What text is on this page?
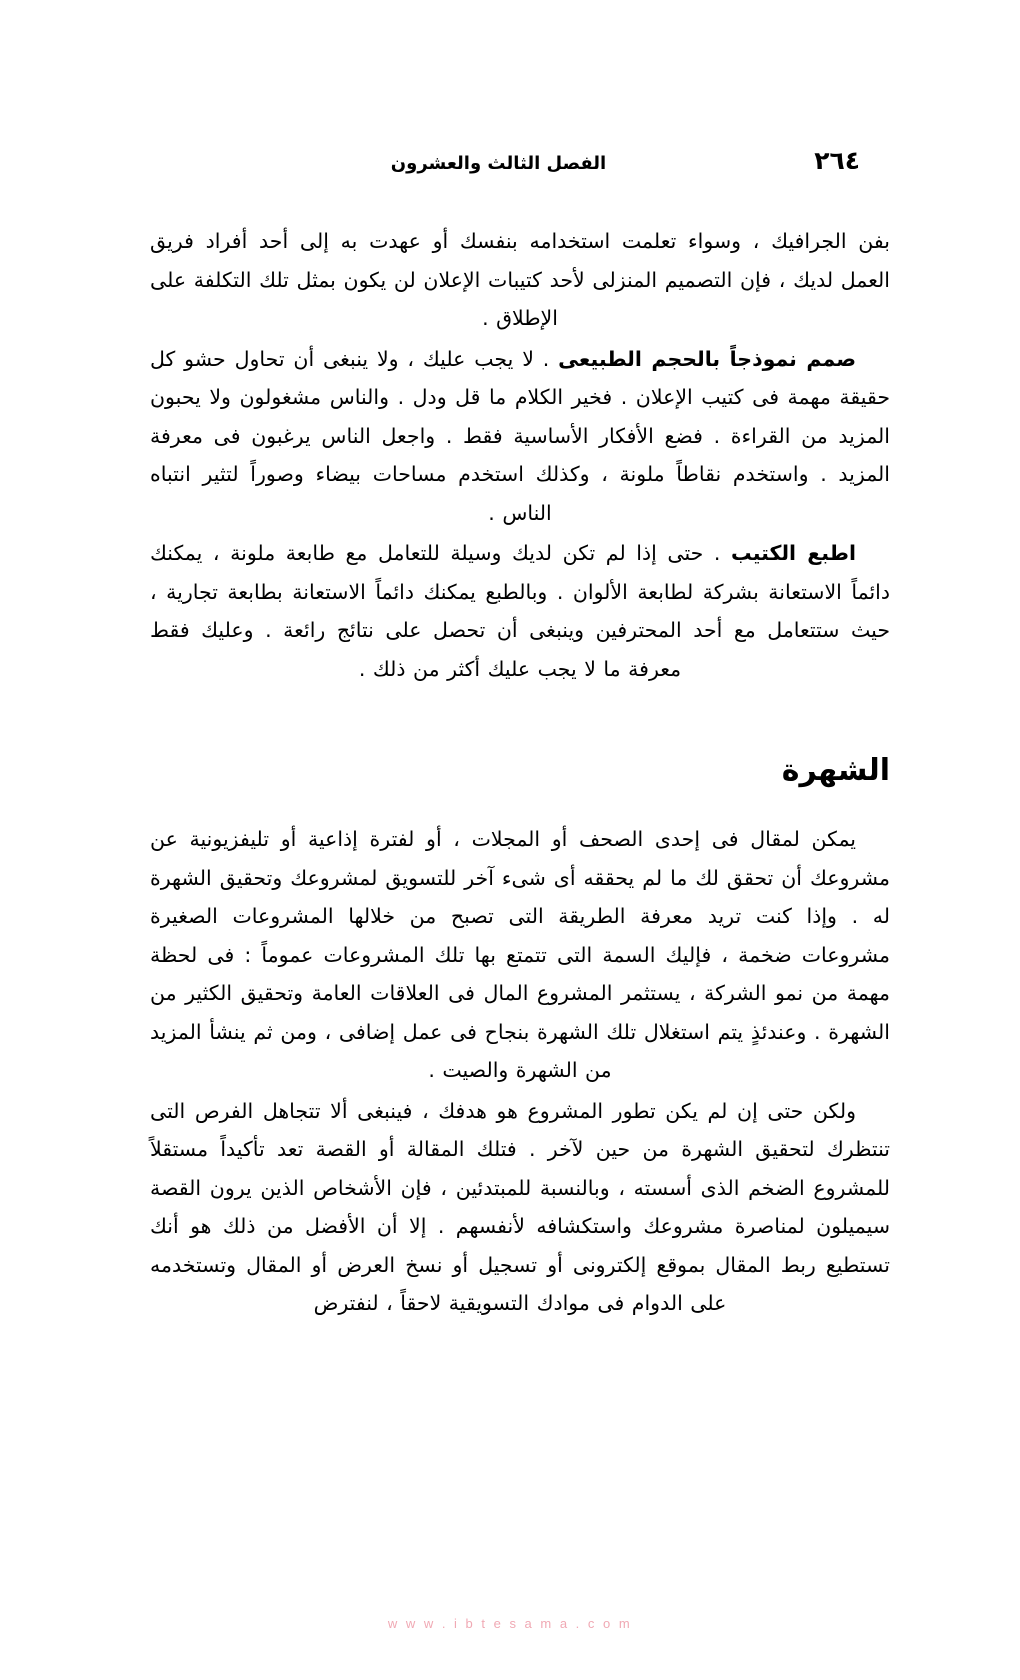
٢٦٤
الفصل الثالث والعشرون

بفن الجرافيك ، وسواء تعلمت استخدامه بنفسك أو عهدت به إلى أحد أفراد فريق العمل لديك ، فإن التصميم المنزلى لأحد كتيبات الإعلان لن يكون بمثل تلك التكلفة على الإطلاق .

صمم نموذجاً بالحجم الطبيعى . لا يجب عليك ، ولا ينبغى أن تحاول حشو كل حقيقة مهمة فى كتيب الإعلان . فخير الكلام ما قل ودل . والناس مشغولون ولا يحبون المزيد من القراءة . فضع الأفكار الأساسية فقط . واجعل الناس يرغبون فى معرفة المزيد . واستخدم نقاطاً ملونة ، وكذلك استخدم مساحات بيضاء وصوراً لتثير انتباه الناس .

اطبع الكتيب . حتى إذا لم تكن لديك وسيلة للتعامل مع طابعة ملونة ، يمكنك دائماً الاستعانة بشركة لطابعة الألوان . وبالطبع يمكنك دائماً الاستعانة بطابعة تجارية ، حيث ستتعامل مع أحد المحترفين وينبغى أن تحصل على نتائج رائعة . وعليك فقط معرفة ما لا يجب عليك أكثر من ذلك .

الشهرة

يمكن لمقال فى إحدى الصحف أو المجلات ، أو لفترة إذاعية أو تليفزيونية عن مشروعك أن تحقق لك ما لم يحققه أى شىء آخر للتسويق لمشروعك وتحقيق الشهرة له . وإذا كنت تريد معرفة الطريقة التى تصبح من خلالها المشروعات الصغيرة مشروعات ضخمة ، فإليك السمة التى تتمتع بها تلك المشروعات عموماً : فى لحظة مهمة من نمو الشركة ، يستثمر المشروع المال فى العلاقات العامة وتحقيق الكثير من الشهرة . وعندئذٍ يتم استغلال تلك الشهرة بنجاح فى عمل إضافى ، ومن ثم ينشأ المزيد من الشهرة والصيت .

ولكن حتى إن لم يكن تطور المشروع هو هدفك ، فينبغى ألا تتجاهل الفرص التى تنتظرك لتحقيق الشهرة من حين لآخر . فتلك المقالة أو القصة تعد تأكيداً مستقلاً للمشروع الضخم الذى أسسته ، وبالنسبة للمبتدئين ، فإن الأشخاص الذين يرون القصة سيميلون لمناصرة مشروعك واستكشافه لأنفسهم . إلا أن الأفضل من ذلك هو أنك تستطيع ربط المقال بموقع إلكترونى أو تسجيل أو نسخ العرض أو المقال وتستخدمه على الدوام فى موادك التسويقية لاحقاً ، لنفترض

w w w . i b t e s a m a . c o m
